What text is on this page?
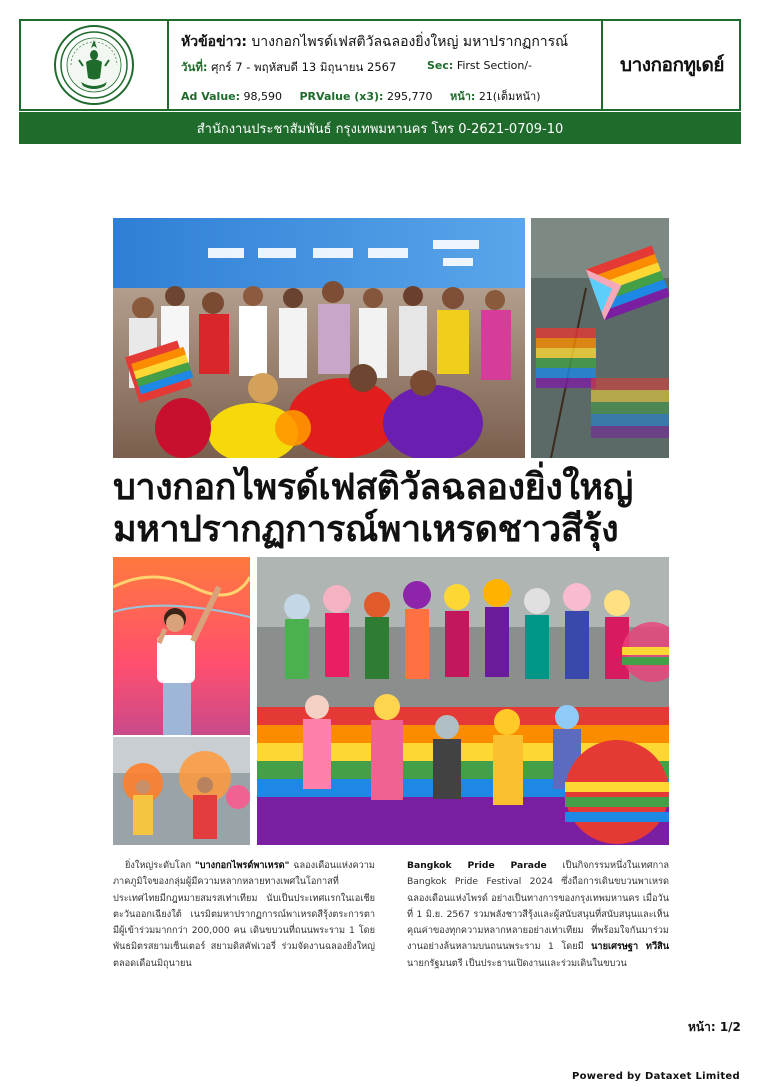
หัวข้อข่าว: บางกอกไพรด์เฟสติวัลฉลองยิ่งใหญ่ มหาปรากฏการณ์
วันที่: ศุกร์ 7 - พฤหัสบดี 13 มิถุนายน 2567	Sec: First Section/-
Ad Value: 98,590 PRValue (x3): 295,770 หน้า: 21(เต็มหน้า)
บางกอกทูเดย์
สำนักงานประชาสัมพันธ์ กรุงเทพมหานคร โทร 0-2621-0709-10
บางกอกไพรด์เฟสติวัลฉลองยิ่งใหญ่
มหาปรากฏการณ์พาเหรดชาวสีรุ้ง
ยิ่งใหญ่ระดับโลก "บางกอกไพรด์พาเหรด" ฉลองเดือนแห่งความภาคภูมิใจของกลุ่มผู้มีความหลากหลายทางเพศในโอกาสที่ประเทศไทยมีกฎหมายสมรสเท่าเทียม นับเป็นประเทศแรกในเอเชียตะวันออกเฉียงใต้ เนรมิตมหาปรากฏการณ์พาเหรดสีรุ้งตระการตา มีผู้เข้าร่วมมากกว่า 200,000 คน เดินขบวนที่ถนนพระราม 1 โดยพันธมิตรสยามเซ็นเตอร์ สยามดิสคัฟเวอรี่ ร่วมจัดงานฉลองยิ่งใหญ่ตลอดเดือนมิถุนายน
Bangkok Pride Parade เป็นกิจกรรมหนึ่งในเทศกาล Bangkok Pride Festival 2024 ซึ่งถือการเดินขบวนพาเหรดฉลองเดือนแห่งไพรด์ อย่างเป็นทางการของกรุงเทพมหานคร เมื่อวันที่ 1 มิ.ย. 2567 รวมพลังชาวสีรุ้งและผู้สนับสนุนที่สนับสนุนและเห็นคุณค่าของทุกความหลากหลายอย่างเท่าเทียม ที่พร้อมใจกันมาร่วมงานอย่างล้นหลามบนถนนพระราม 1 โดยมี นายเศรษฐา ทวีสิน นายกรัฐมนตรี เป็นประธานเปิดงานและร่วมเดินในขบวน
หน้า: 1/2
Powered by Dataxet Limited
